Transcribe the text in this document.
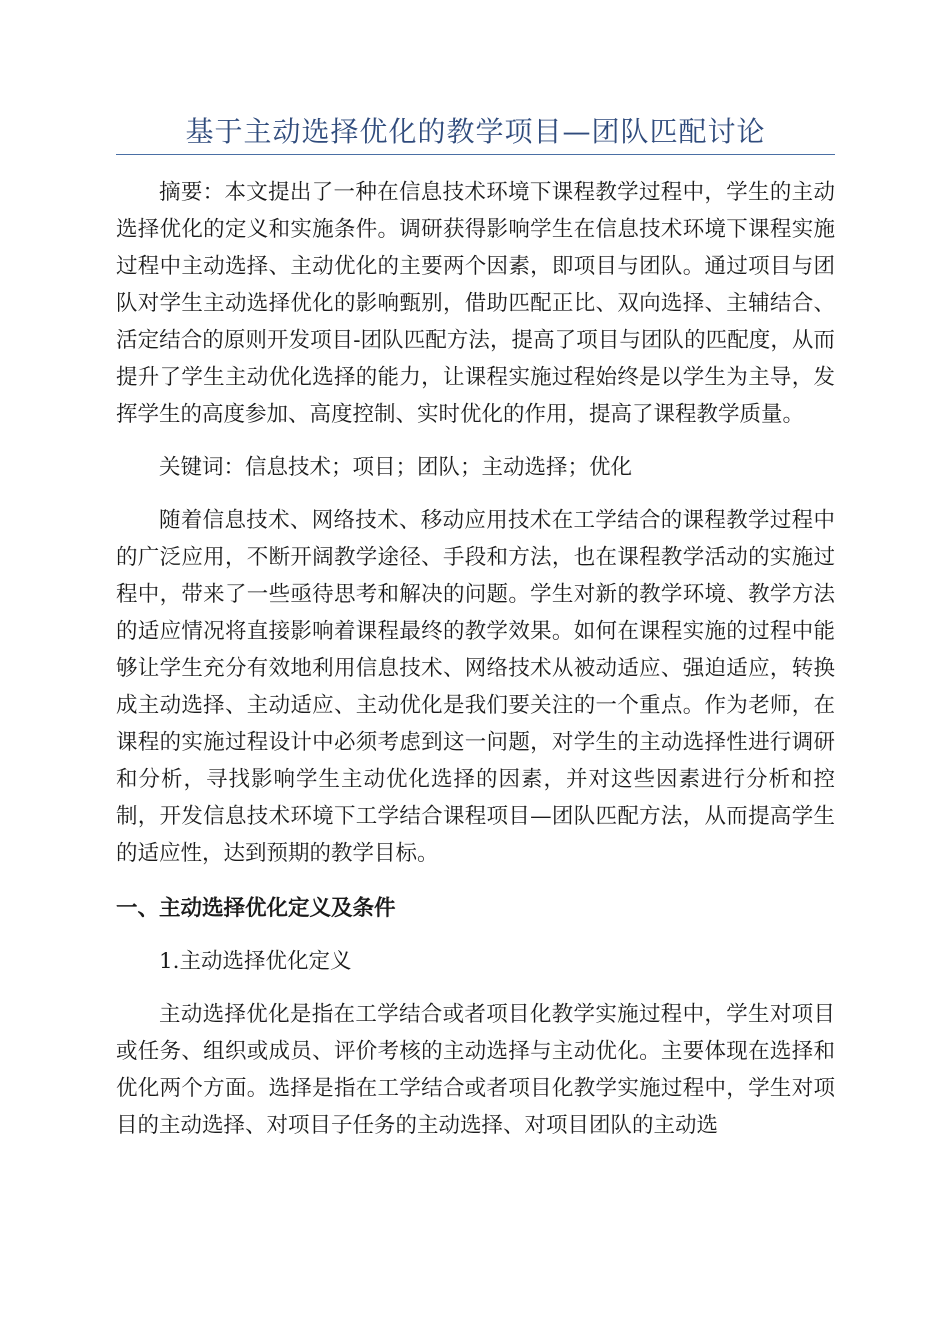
基于主动选择优化的教学项目—团队匹配讨论

摘要：本文提出了一种在信息技术环境下课程教学过程中，学生的主动选择优化的定义和实施条件。调研获得影响学生在信息技术环境下课程实施过程中主动选择、主动优化的主要两个因素，即项目与团队。通过项目与团队对学生主动选择优化的影响甄别，借助匹配正比、双向选择、主辅结合、活定结合的原则开发项目-团队匹配方法，提高了项目与团队的匹配度，从而提升了学生主动优化选择的能力，让课程实施过程始终是以学生为主导，发挥学生的高度参加、高度控制、实时优化的作用，提高了课程教学质量。

关键词：信息技术；项目；团队；主动选择；优化

随着信息技术、网络技术、移动应用技术在工学结合的课程教学过程中的广泛应用，不断开阔教学途径、手段和方法，也在课程教学活动的实施过程中，带来了一些亟待思考和解决的问题。学生对新的教学环境、教学方法的适应情况将直接影响着课程最终的教学效果。如何在课程实施的过程中能够让学生充分有效地利用信息技术、网络技术从被动适应、强迫适应，转换成主动选择、主动适应、主动优化是我们要关注的一个重点。作为老师，在课程的实施过程设计中必须考虑到这一问题，对学生的主动选择性进行调研和分析，寻找影响学生主动优化选择的因素，并对这些因素进行分析和控制，开发信息技术环境下工学结合课程项目—团队匹配方法，从而提高学生的适应性，达到预期的教学目标。

一、主动选择优化定义及条件

1.主动选择优化定义

主动选择优化是指在工学结合或者项目化教学实施过程中，学生对项目或任务、组织或成员、评价考核的主动选择与主动优化。主要体现在选择和优化两个方面。选择是指在工学结合或者项目化教学实施过程中，学生对项目的主动选择、对项目子任务的主动选择、对项目团队的主动选
